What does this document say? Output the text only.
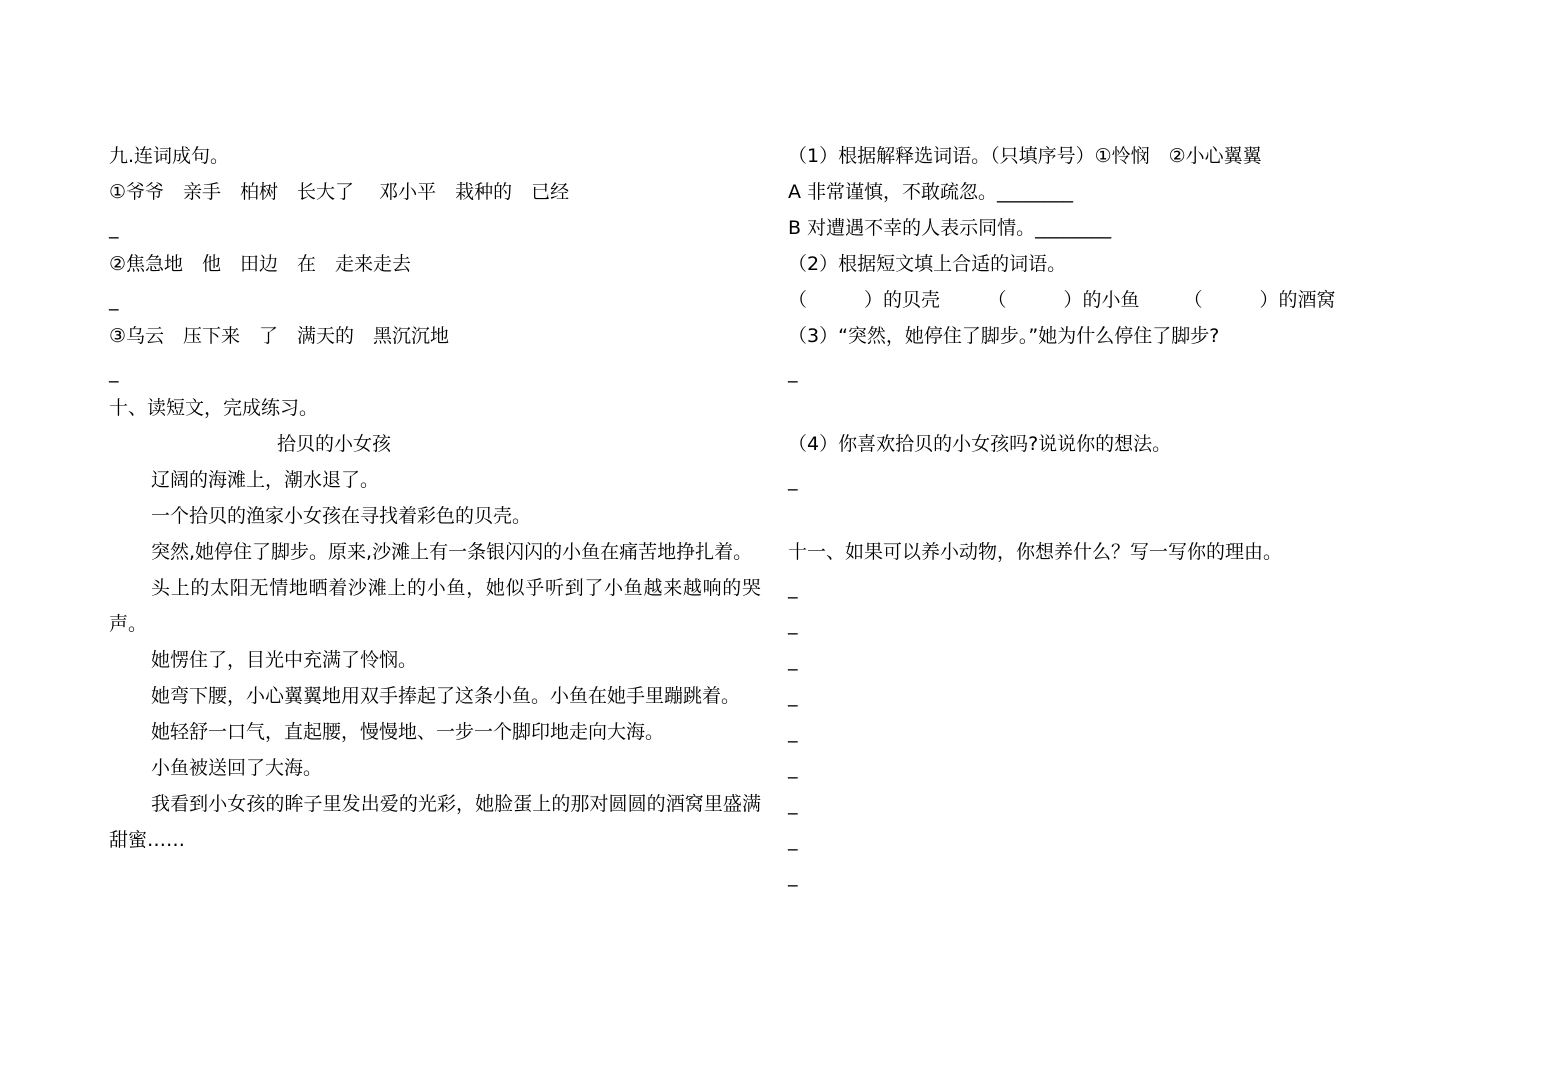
九.连词成句。
①爷爷　亲手　柏树　长大了　 邓小平　栽种的　已经
_
②焦急地　他　田边　在　走来走去
_
③乌云　压下来　了　满天的　黑沉沉地
_
十、读短文，完成练习。
拾贝的小女孩

辽阔的海滩上，潮水退了。

一个拾贝的渔家小女孩在寻找着彩色的贝壳。

突然,她停住了脚步。原来,沙滩上有一条银闪闪的小鱼在痛苦地挣扎着。

头上的太阳无情地晒着沙滩上的小鱼，她似乎听到了小鱼越来越响的哭声。

她愣住了，目光中充满了怜悯。

她弯下腰，小心翼翼地用双手捧起了这条小鱼。小鱼在她手里蹦跳着。

她轻舒一口气，直起腰，慢慢地、一步一个脚印地走向大海。

小鱼被送回了大海。

我看到小女孩的眸子里发出爱的光彩，她脸蛋上的那对圆圆的酒窝里盛满甜蜜……

（1）根据解释选词语。（只填序号）①怜悯　②小心翼翼
A 非常谨慎，不敢疏忽。________
B 对遭遇不幸的人表示同情。________
（2）根据短文填上合适的词语。
（　　　）的贝壳　　　（　　　）的小鱼　　 （　　　）的酒窝
（3）“突然，她停住了脚步。”她为什么停住了脚步?
_
（4）你喜欢拾贝的小女孩吗?说说你的想法。
_
十一、如果可以养小动物，你想养什么？写一写你的理由。
_
_
_
_
_
_
_
_
_
